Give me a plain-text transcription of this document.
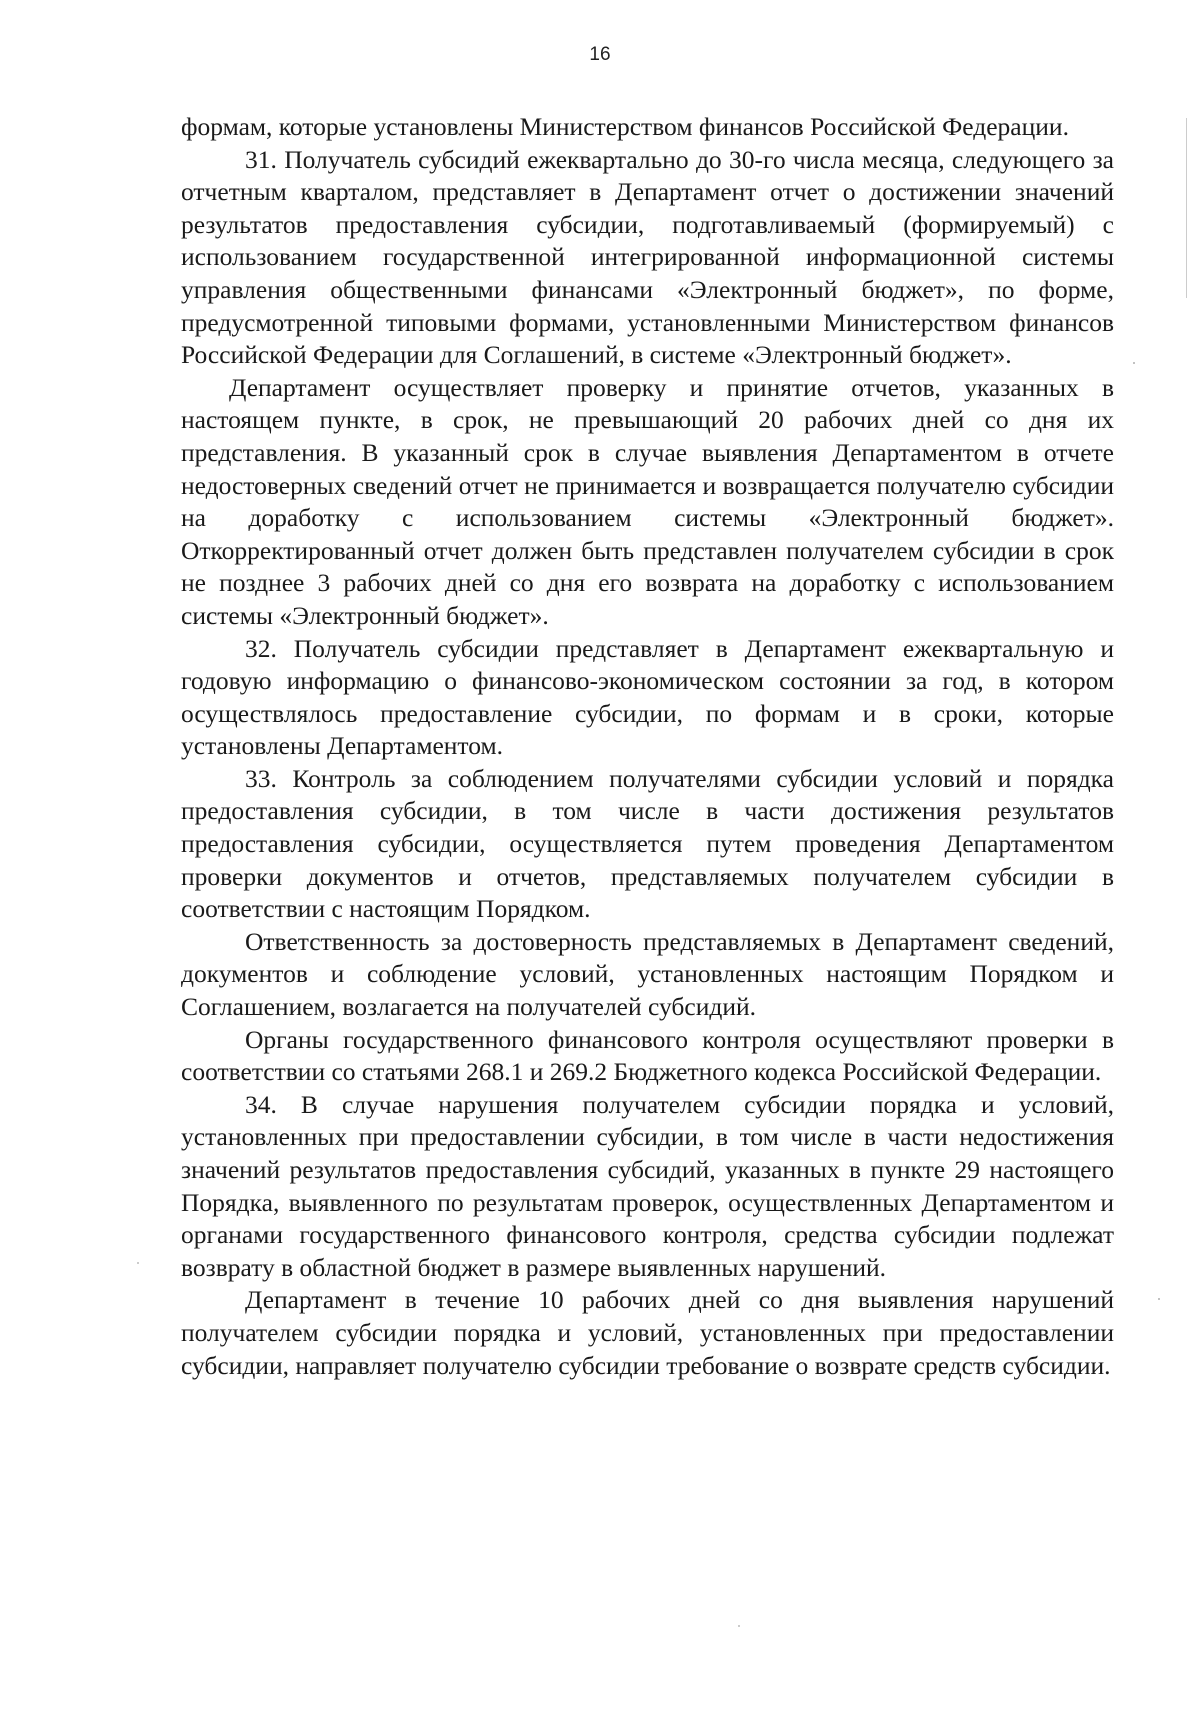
16

формам, которые установлены Министерством финансов Российской Федерации.

31. Получатель субсидий ежеквартально до 30-го числа месяца, следующего за отчетным кварталом, представляет в Департамент отчет о достижении значений результатов предоставления субсидии, подготавливаемый (формируемый) с использованием государственной интегрированной информационной системы управления общественными финансами «Электронный бюджет», по форме, предусмотренной типовыми формами, установленными Министерством финансов Российской Федерации для Соглашений, в системе «Электронный бюджет».

Департамент осуществляет проверку и принятие отчетов, указанных в настоящем пункте, в срок, не превышающий 20 рабочих дней со дня их представления. В указанный срок в случае выявления Департаментом в отчете недостоверных сведений отчет не принимается и возвращается получателю субсидии на доработку с использованием системы «Электронный бюджет». Откорректированный отчет должен быть представлен получателем субсидии в срок не позднее 3 рабочих дней со дня его возврата на доработку с использованием системы «Электронный бюджет».

32. Получатель субсидии представляет в Департамент ежеквартальную и годовую информацию о финансово-экономическом состоянии за год, в котором осуществлялось предоставление субсидии, по формам и в сроки, которые установлены Департаментом.

33. Контроль за соблюдением получателями субсидии условий и порядка предоставления субсидии, в том числе в части достижения результатов предоставления субсидии, осуществляется путем проведения Департаментом проверки документов и отчетов, представляемых получателем субсидии в соответствии с настоящим Порядком.

Ответственность за достоверность представляемых в Департамент сведений, документов и соблюдение условий, установленных настоящим Порядком и Соглашением, возлагается на получателей субсидий.

Органы государственного финансового контроля осуществляют проверки в соответствии со статьями 268.1 и 269.2 Бюджетного кодекса Российской Федерации.

34. В случае нарушения получателем субсидии порядка и условий, установленных при предоставлении субсидии, в том числе в части недостижения значений результатов предоставления субсидий, указанных в пункте 29 настоящего Порядка, выявленного по результатам проверок, осуществленных Департаментом и органами государственного финансового контроля, средства субсидии подлежат возврату в областной бюджет в размере выявленных нарушений.

Департамент в течение 10 рабочих дней со дня выявления нарушений получателем субсидии порядка и условий, установленных при предоставлении субсидии, направляет получателю субсидии требование о возврате средств субсидии.
